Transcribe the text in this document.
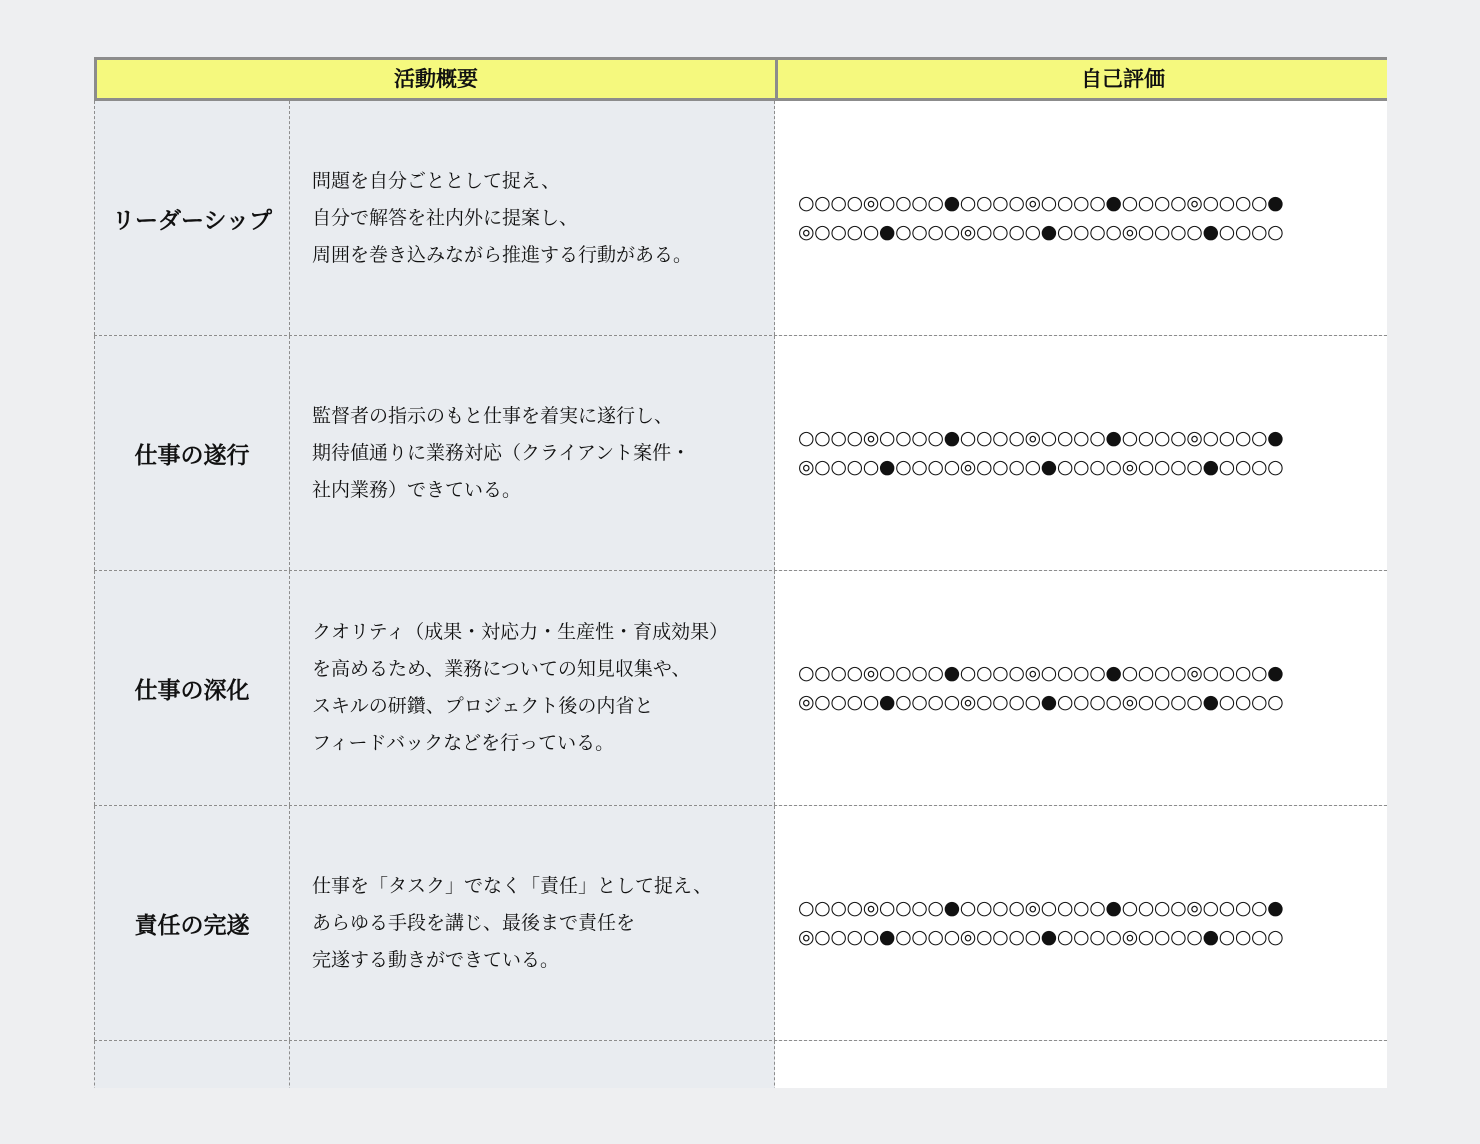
活動概要	自己評価
リーダーシップ
問題を自分ごととして捉え、
自分で解答を社内外に提案し、
周囲を巻き込みながら推進する行動がある。
○○○○◎○○○○●○○○○◎○○○○●○○○○◎○○○○●
◎○○○○●○○○○◎○○○○●○○○○◎○○○○●○○○○
仕事の遂行
監督者の指示のもと仕事を着実に遂行し、
期待値通りに業務対応（クライアント案件・
社内業務）できている。
○○○○◎○○○○●○○○○◎○○○○●○○○○◎○○○○●
◎○○○○●○○○○◎○○○○●○○○○◎○○○○●○○○○
仕事の深化
クオリティ（成果・対応力・生産性・育成効果）
を高めるため、業務についての知見収集や、
スキルの研鑽、プロジェクト後の内省と
フィードバックなどを行っている。
○○○○◎○○○○●○○○○◎○○○○●○○○○◎○○○○●
◎○○○○●○○○○◎○○○○●○○○○◎○○○○●○○○○
責任の完遂
仕事を「タスク」でなく「責任」として捉え、
あらゆる手段を講じ、最後まで責任を
完遂する動きができている。
○○○○◎○○○○●○○○○◎○○○○●○○○○◎○○○○●
◎○○○○●○○○○◎○○○○●○○○○◎○○○○●○○○○
